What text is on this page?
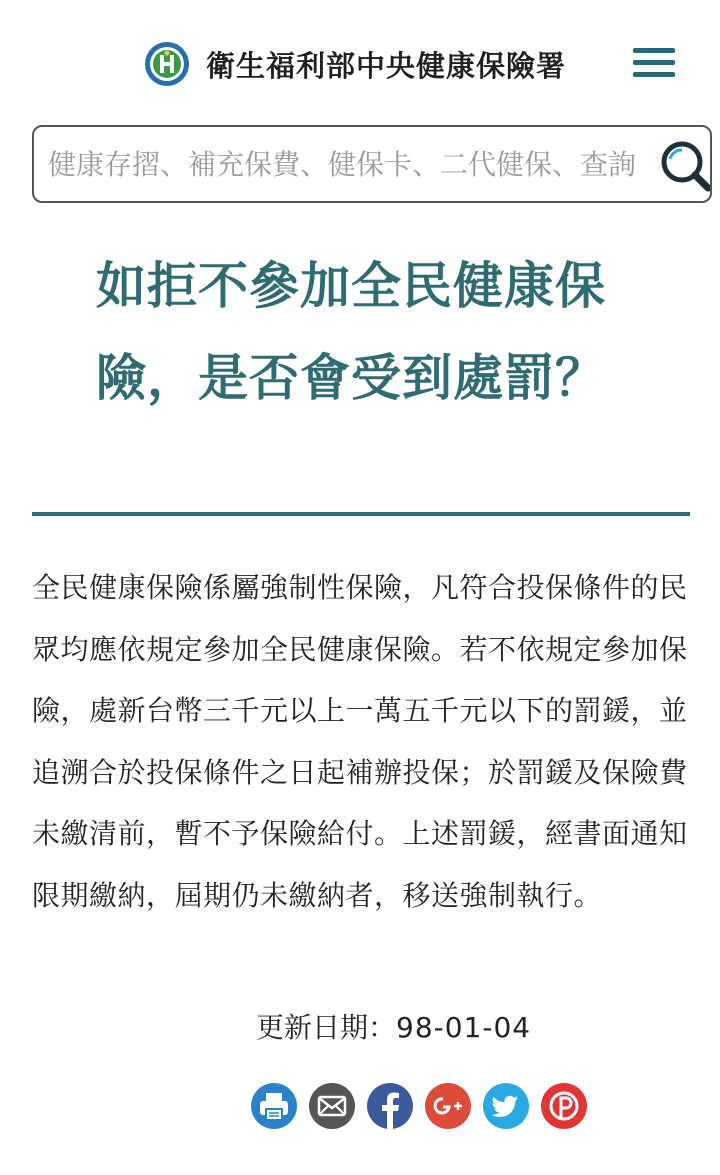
衛生福利部中央健康保險署
健康存摺、補充保費、健保卡、二代健保、查詢
如拒不參加全民健康保險，是否會受到處罰？

全民健康保險係屬強制性保險，凡符合投保條件的民眾均應依規定參加全民健康保險。若不依規定參加保險，處新台幣三千元以上一萬五千元以下的罰鍰，並追溯合於投保條件之日起補辦投保；於罰鍰及保險費未繳清前，暫不予保險給付。上述罰鍰，經書面通知限期繳納，屆期仍未繳納者，移送強制執行。

更新日期：98-01-04
